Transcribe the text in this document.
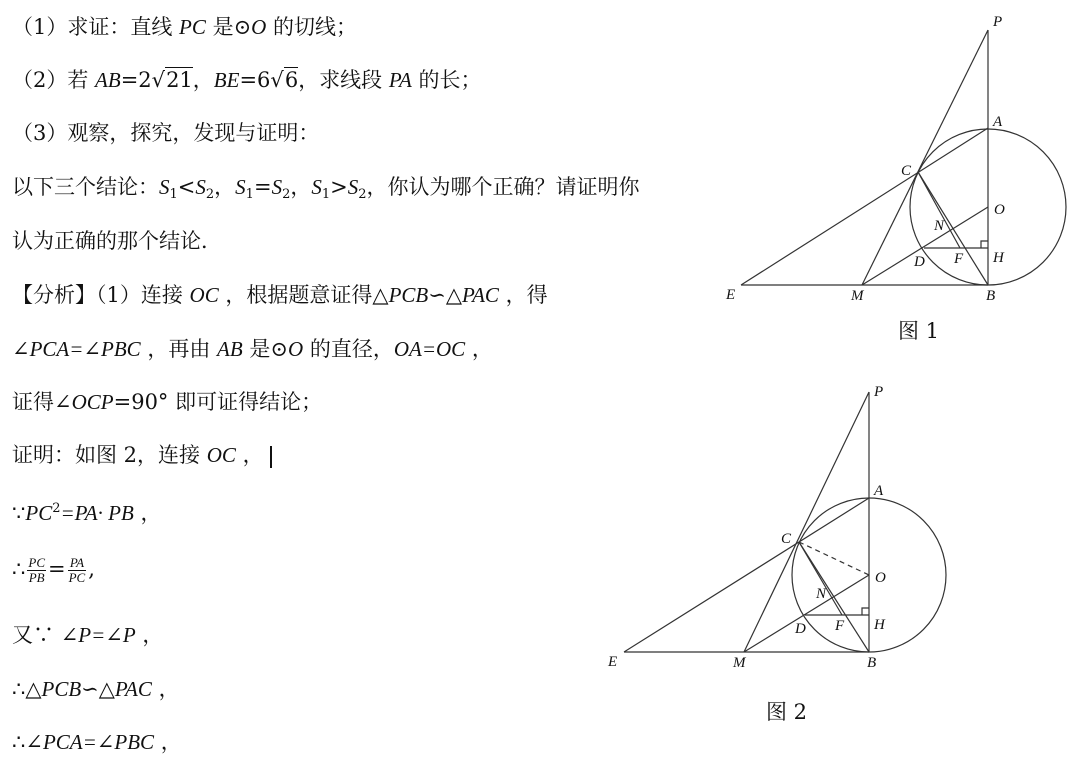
（1）求证：直线 PC 是⊙O 的切线；
（2）若 AB=2√21，BE=6√6，求线段 PA 的长；
（3）观察，探究，发现与证明：
以下三个结论：$S_1<S_2$，$S_1=S_2$，$S_1>S_2$，你认为哪个正确？请证明你
认为正确的那个结论．
【分析】（1）连接 OC ，根据题意证得△PCB∽△PAC ，得
∠PCA=∠PBC ，再由 AB 是⊙O 的直径，OA=OC ，
证得∠OCP=90° 即可证得结论；
证明：如图 2，连接 OC ，
$\because PC^2=PA\cdot$ PB ，
∴ $\frac{PC}{PB} = \frac{PA}{PC}$ ,
又∵ ∠P=∠P ，
∴△PCB∽△PAC ，
∴∠PCA=∠PBC ，
P
A
C
O
N
D F H
E	M	B
图 1
P
A
C
O
N
D F H
E	M	B
图 2
